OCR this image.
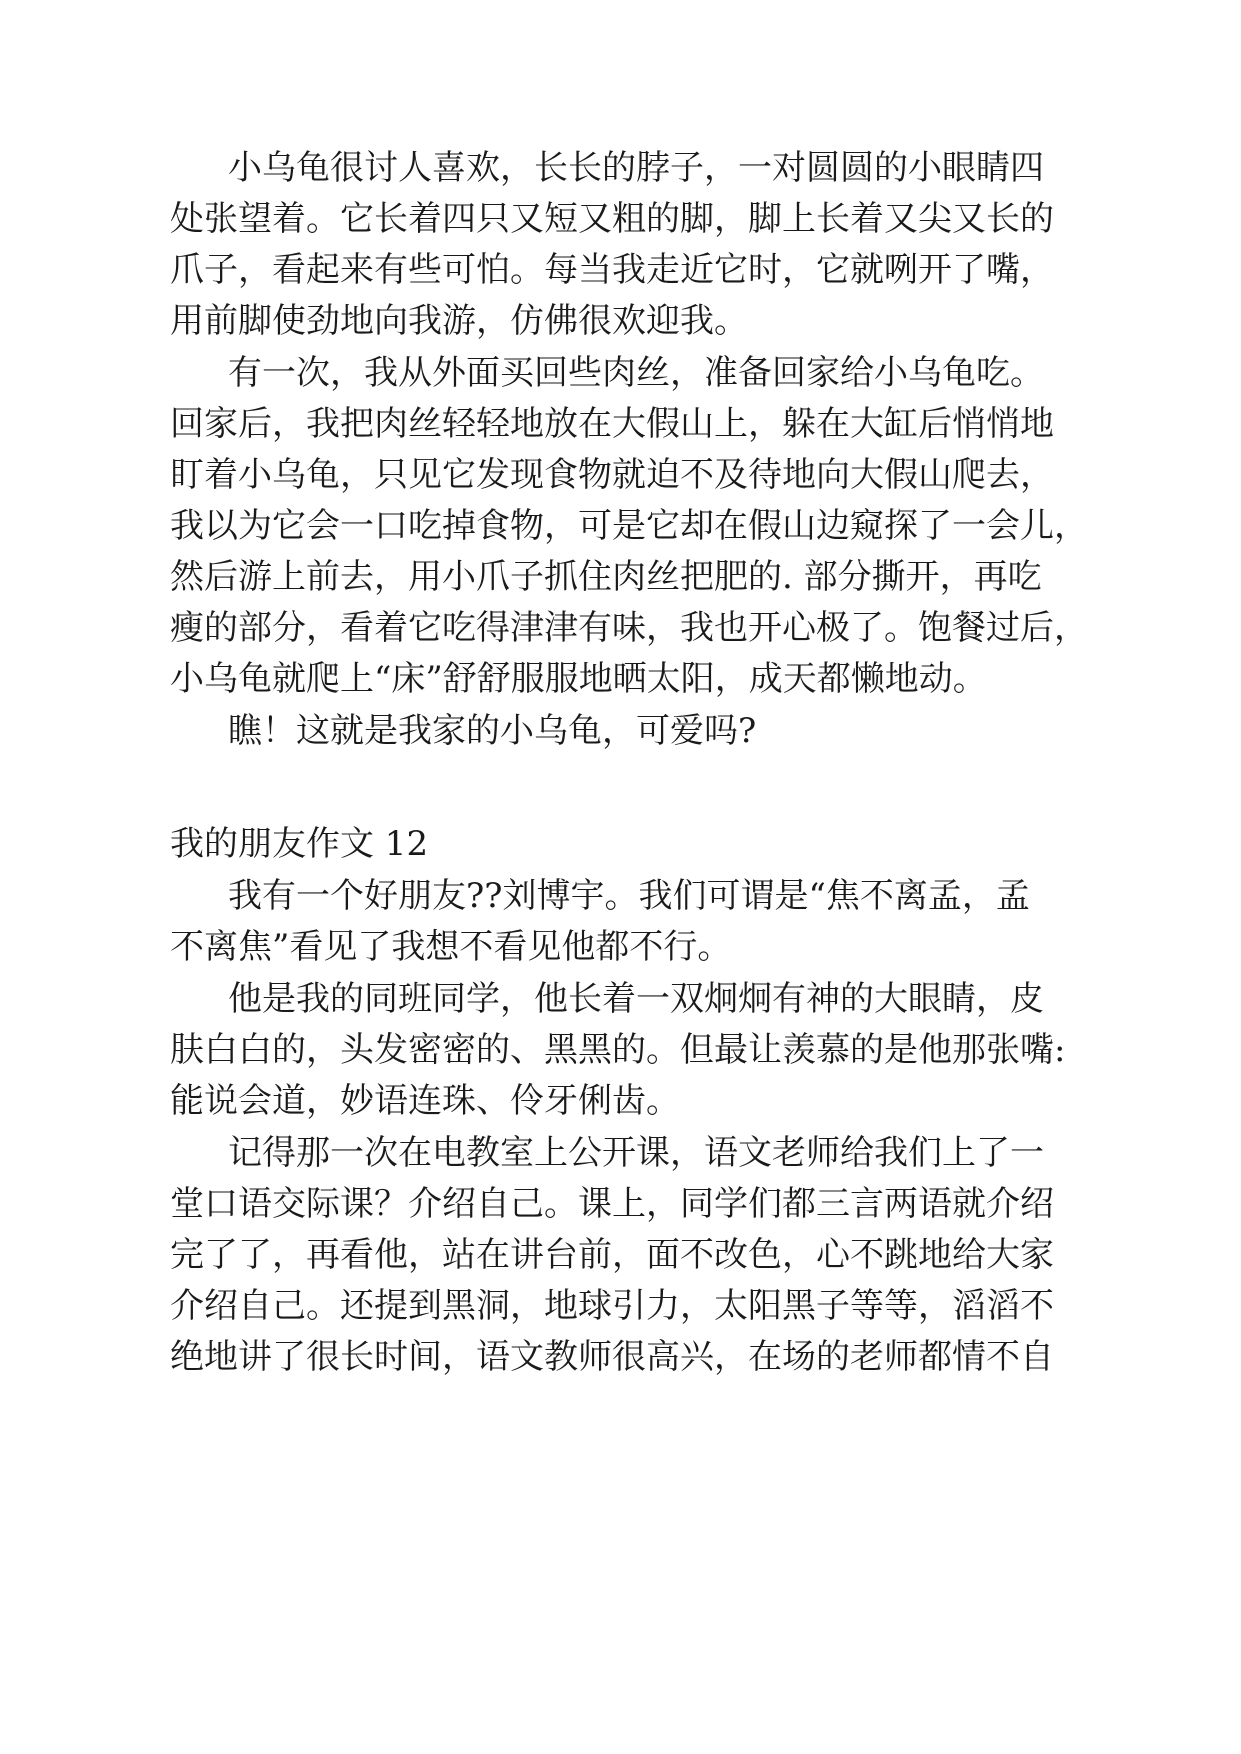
小乌龟很讨人喜欢，长长的脖子，一对圆圆的小眼睛四
处张望着。它长着四只又短又粗的脚，脚上长着又尖又长的
爪子，看起来有些可怕。每当我走近它时，它就咧开了嘴，
用前脚使劲地向我游，仿佛很欢迎我。
有一次，我从外面买回些肉丝，准备回家给小乌龟吃。
回家后，我把肉丝轻轻地放在大假山上，躲在大缸后悄悄地
盯着小乌龟，只见它发现食物就迫不及待地向大假山爬去，
我以为它会一口吃掉食物，可是它却在假山边窥探了一会儿，
然后游上前去，用小爪子抓住肉丝把肥的. 部分撕开，再吃
瘦的部分，看着它吃得津津有味，我也开心极了。饱餐过后，
小乌龟就爬上“床”舒舒服服地晒太阳，成天都懒地动。
瞧！这就是我家的小乌龟，可爱吗?
我的朋友作文 12
我有一个好朋友??刘博宇。我们可谓是“焦不离孟，孟
不离焦”看见了我想不看见他都不行。
他是我的同班同学，他长着一双炯炯有神的大眼睛，皮
肤白白的，头发密密的、黑黑的。但最让羡慕的是他那张嘴:
能说会道，妙语连珠、伶牙俐齿。
记得那一次在电教室上公开课，语文老师给我们上了一
堂口语交际课？介绍自己。课上，同学们都三言两语就介绍
完了了，再看他，站在讲台前，面不改色，心不跳地给大家
介绍自己。还提到黑洞，地球引力，太阳黑子等等，滔滔不
绝地讲了很长时间，语文教师很高兴，在场的老师都情不自
